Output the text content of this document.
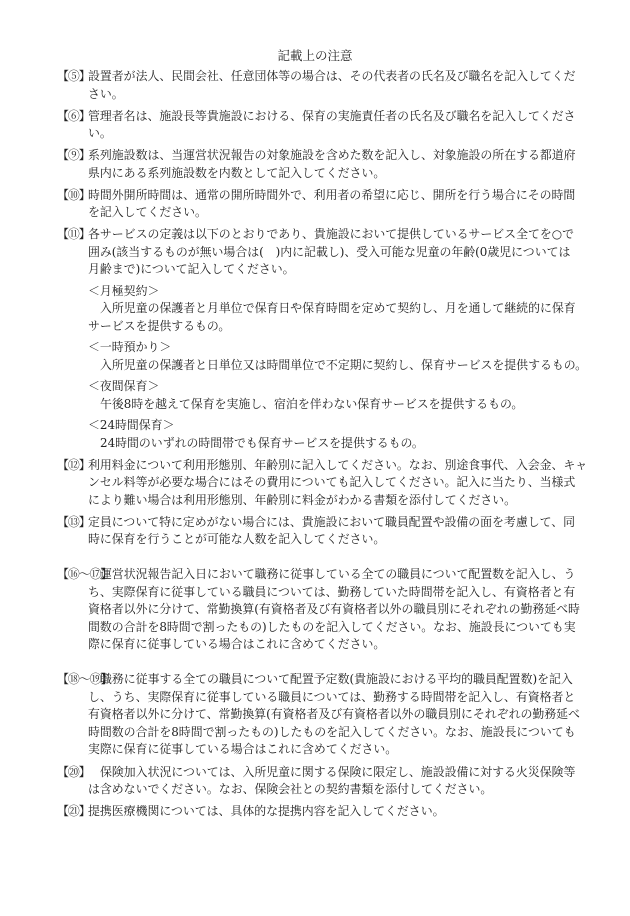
記載上の注意
【⑤】
設置者が法人、民間会社、任意団体等の場合は、その代表者の氏名及び職名を記入してくだ
さい。
【⑥】
管理者名は、施設長等貴施設における、保育の実施責任者の氏名及び職名を記入してくださ
い。
【⑨】
系列施設数は、当運営状況報告の対象施設を含めた数を記入し、対象施設の所在する都道府
県内にある系列施設数を内数として記入してください。
【⑩】
時間外開所時間は、通常の開所時間外で、利用者の希望に応じ、開所を行う場合にその時間
を記入してください。
【⑪】
各サービスの定義は以下のとおりであり、貴施設において提供しているサービス全てを○で
囲み(該当するものが無い場合は(　)内に記載し)、受入可能な児童の年齢(0歳児については
月齢まで)について記入してください。
＜月極契約＞
入所児童の保護者と月単位で保育日や保育時間を定めて契約し、月を通して継続的に保育
サービスを提供するもの。
＜一時預かり＞
入所児童の保護者と日単位又は時間単位で不定期に契約し、保育サービスを提供するもの。
＜夜間保育＞
午後8時を越えて保育を実施し、宿泊を伴わない保育サービスを提供するもの。
＜24時間保育＞
24時間のいずれの時間帯でも保育サービスを提供するもの。
【⑫】
利用料金について利用形態別、年齢別に記入してください。なお、別途食事代、入会金、キャ
ンセル料等が必要な場合にはその費用についても記入してください。記入に当たり、当様式
により難い場合は利用形態別、年齢別に料金がわかる書類を添付してください。
【⑬】
定員について特に定めがない場合には、貴施設において職員配置や設備の面を考慮して、同
時に保育を行うことが可能な人数を記入してください。
【⑯～⑰】
運営状況報告記入日において職務に従事している全ての職員について配置数を記入し、う
ち、実際保育に従事している職員については、勤務していた時間帯を記入し、有資格者と有
資格者以外に分けて、常勤換算(有資格者及び有資格者以外の職員別にそれぞれの勤務延べ時
間数の合計を8時間で割ったもの)したものを記入してください。なお、施設長についても実
際に保育に従事している場合はこれに含めてください。
【⑱～⑲】
職務に従事する全ての職員について配置予定数(貴施設における平均的職員配置数)を記入
し、うち、実際保育に従事している職員については、勤務する時間帯を記入し、有資格者と
有資格者以外に分けて、常勤換算(有資格者及び有資格者以外の職員別にそれぞれの勤務延べ
時間数の合計を8時間で割ったもの)したものを記入してください。なお、施設長についても
実際に保育に従事している場合はこれに含めてください。
【⑳】 保険加入状況については、入所児童に関する保険に限定し、施設設備に対する火災保険等
は含めないでください。なお、保険会社との契約書類を添付してください。
【㉑】
提携医療機関については、具体的な提携内容を記入してください。
